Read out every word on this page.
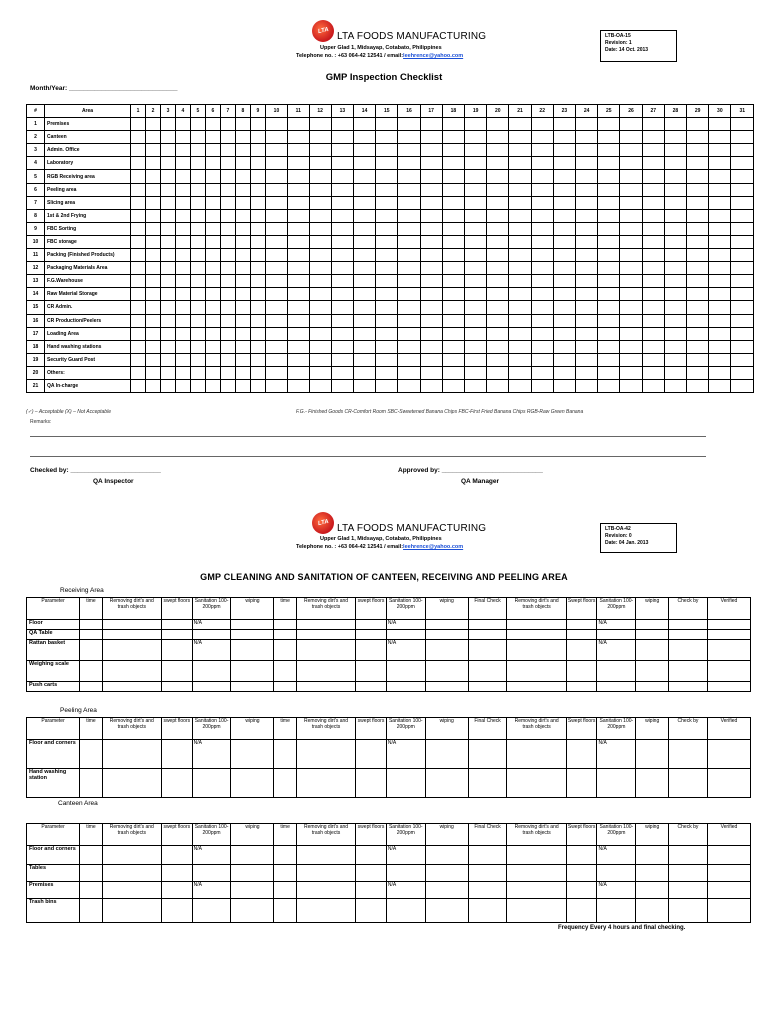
LTA LTA FOODS MANUFACTURING
Upper Glad 1, Midsayap, Cotabato, Philippines
Telephone no. : +63 064-42 12541 / email:leehrence@yahoo.com
LTB-OA-15
Revision: 1
Date: 14 Oct. 2013
GMP Inspection Checklist
Month/Year: ______________________________
#	Area	1	2	3	4	5	6	7	8	9	10	11	12	13	14	15	16	17	18	19	20	21	22	23	24	25	26	27	28	29	30	31
1	Premises																															
2	Canteen																															
3	Admin. Office																															
4	Laboratory																															
5	RGB Receiving area																															
6	Peeling area																															
7	Slicing area																															
8	1st & 2nd Frying																															
9	FBC Sorting																															
10	FBC storage																															
11	Packing (Finished Products)																															
12	Packaging Materials Area																															
13	F.G.Warehouse																															
14	Raw Material Storage																															
15	CR Admin.																															
16	CR Production/Peelers																															
17	Loading Area																															
18	Hand washing stations																															
19	Security Guard Post																															
20	Others:																															
21	QA In-charge																															
(✓) – Acceptable (X) – Not Acceptable	F.G.- Finished Goods CR-Comfort Room SBC-Sweetened Banana Chips FBC-First Fried Banana Chips RGB-Raw Green Banana
Remarks:
Checked by: _________________________
QA Inspector
Approved by: ____________________________
QA Manager
LTA LTA FOODS MANUFACTURING
Upper Glad 1, Midsayap, Cotabato, Philippines
Telephone no. : +63 064-42 12541 / email:leehrence@yahoo.com
LTB-OA-42
Revision: 0
Date: 04 Jan. 2013
GMP CLEANING AND SANITATION OF CANTEEN, RECEIVING AND PEELING AREA
Receiving Area
Peeling Area
Canteen Area
Parameter	time	Removing dirt's and trash objects	swept floors	Sanitation 100-200ppm	wiping	time	Removing dirt's and trash objects	swept floors	Sanitation 100-200ppm	wiping	Final Check	Removing dirt's and trash objects	Swept floors	Sanitation 100-200ppm	wiping	Check by	Verified
Floor				N/A					N/A					N/A			
QA Table																	
Rattan basket				N/A					N/A					N/A			
Weighing scale																	
Push carts																	
Parameter	time	Removing dirt's and trash objects	swept floors	Sanitation 100-200ppm	wiping	time	Removing dirt's and trash objects	swept floors	Sanitation 100-200ppm	wiping	Final Check	Removing dirt's and trash objects	Swept floors	Sanitation 100-200ppm	wiping	Check by	Verified
Floor and corners				N/A					N/A					N/A			
Hand washing station																	
Parameter	time	Removing dirt's and trash objects	swept floors	Sanitation 100-200ppm	wiping	time	Removing dirt's and trash objects	swept floors	Sanitation 100-200ppm	wiping	Final Check	Removing dirt's and trash objects	Swept floors	Sanitation 100-200ppm	wiping	Check by	Verified
Floor and corners				N/A					N/A					N/A			
Tables																	
Premises				N/A					N/A					N/A			
Trash bins																	
Frequency Every 4 hours and final checking.
